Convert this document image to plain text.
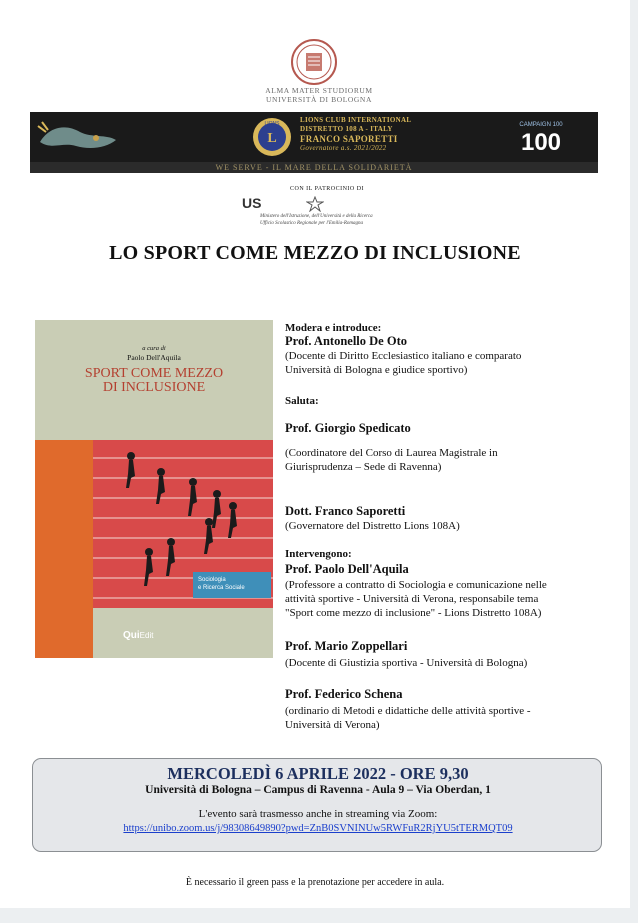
ALMA MATER STUDIORUM
UNIVERSITÀ DI BOLOGNA
L
LIONS	LIONS CLUB INTERNATIONAL
DISTRETTO 108 A - ITALY
FRANCO SAPORETTI
Governatore a.s. 2021/2022
CAMPAIGN 100
100
WE SERVE - IL MARE DELLA SOLIDARIETÀ
CON IL PATROCINIO DI
US
Ministero dell'Istruzione, dell'Università e della Ricerca
Ufficio Scolastico Regionale per l'Emilia-Romagna
LO SPORT COME MEZZO DI INCLUSIONE
a cura di
Paolo Dell'Aquila
SPORT COME MEZZO
DI INCLUSIONE
Sociologia
e Ricerca Sociale
QuiEdit
Modera e introduce:
Prof. Antonello De Oto
(Docente di Diritto Ecclesiastico italiano e comparato
Università di Bologna e giudice sportivo)
Saluta:
Prof. Giorgio Spedicato
(Coordinatore del Corso di Laurea Magistrale in
Giurisprudenza – Sede di Ravenna)
Dott. Franco Saporetti
(Governatore del Distretto Lions 108A)
Intervengono:
Prof. Paolo Dell'Aquila
(Professore a contratto di Sociologia e comunicazione nelle
attività sportive - Università di Verona, responsabile tema
"Sport come mezzo di inclusione" - Lions Distretto 108A)
Prof. Mario Zoppellari
(Docente di Giustizia sportiva - Università di Bologna)
Prof. Federico Schena
(ordinario di Metodi e didattiche delle attività sportive -
Università di Verona)
MERCOLEDÌ 6 APRILE 2022 - ORE 9,30
Università di Bologna – Campus di Ravenna - Aula 9 – Via Oberdan, 1
L'evento sarà trasmesso anche in streaming via Zoom:
https://unibo.zoom.us/j/98308649890?pwd=ZnB0SVNINUw5RWFuR2RjYU5tTERMQT09
È necessario il green pass e la prenotazione per accedere in aula.
